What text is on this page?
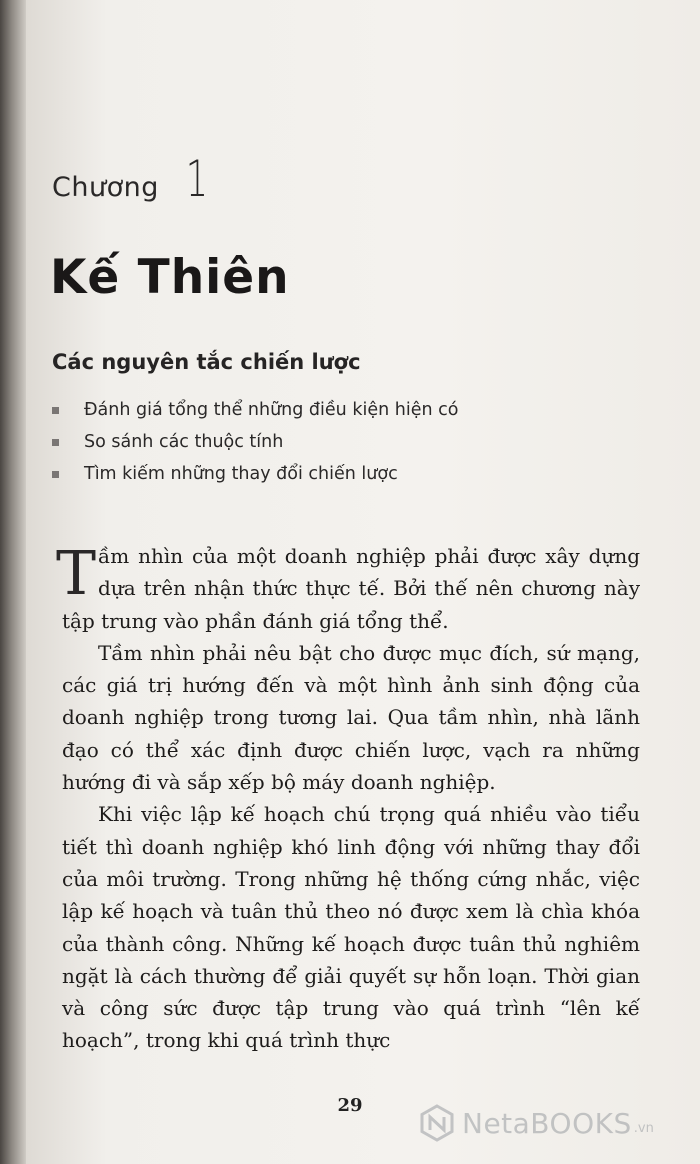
Chương 1
Kế Thiên
Các nguyên tắc chiến lược
Đánh giá tổng thể những điều kiện hiện có
So sánh các thuộc tính
Tìm kiếm những thay đổi chiến lược

Tầm nhìn của một doanh nghiệp phải được xây dựng dựa trên nhận thức thực tế. Bởi thế nên chương này tập trung vào phần đánh giá tổng thể.

Tầm nhìn phải nêu bật cho được mục đích, sứ mạng, các giá trị hướng đến và một hình ảnh sinh động của doanh nghiệp trong tương lai. Qua tầm nhìn, nhà lãnh đạo có thể xác định được chiến lược, vạch ra những hướng đi và sắp xếp bộ máy doanh nghiệp.

Khi việc lập kế hoạch chú trọng quá nhiều vào tiểu tiết thì doanh nghiệp khó linh động với những thay đổi của môi trường. Trong những hệ thống cứng nhắc, việc lập kế hoạch và tuân thủ theo nó được xem là chìa khóa của thành công. Những kế hoạch được tuân thủ nghiêm ngặt là cách thường để giải quyết sự hỗn loạn. Thời gian và công sức được tập trung vào quá trình “lên kế hoạch”, trong khi quá trình thực

29
NetaBOOKS .vn
